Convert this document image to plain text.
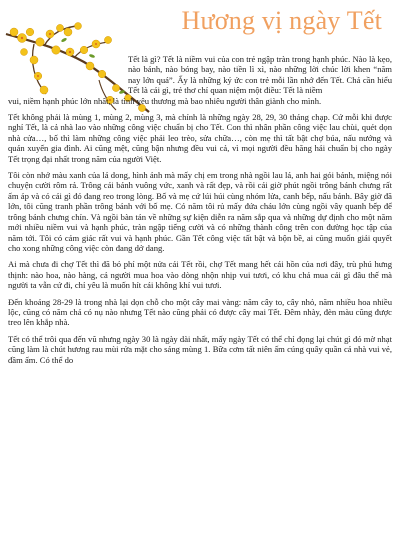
Hương vị ngày Tết

Tết là gì? Tết là niềm vui của con trẻ ngập tràn trong hạnh phúc. Nào là kẹo, nào bánh, nào bóng bay, nào tiền lì xì, nào những lời chúc lời khen “năm nay lớn quá”. Ấy là những ký ức con trẻ mỗi lần nhớ đến Tết. Chả cần hiểu Tết là cái gì, trẻ thơ chỉ quan niệm một điều: Tết là niềm
vui, niềm hạnh phúc lớn nhất, là tình yêu thương mà bao nhiêu người thân giành cho mình.

Tết không phải là mùng 1, mùng 2, mùng 3, mà chính là những ngày 28, 29, 30 tháng chạp. Cứ mỗi khi được nghỉ Tết, là cả nhà lao vào những công việc chuẩn bị cho Tết. Con thì nhân phần công việc lau chùi, quét dọn nhà cửa…, bố thì làm những công việc phải leo trèo, sửa chữa…, còn mẹ thì tất bật chợ búa, nấu nướng và quán xuyến gia đình. Ai cũng mệt, cũng bận nhưng đều vui cả, vì mọi người đều hăng hái chuẩn bị cho ngày Tết trọng đại nhất trong năm của người Việt.

Tôi còn nhớ màu xanh của lá dong, hình ảnh mà mấy chị em trong nhà ngồi lau lá, anh hai gói bánh, miệng nói chuyện cười rôm rả. Trông cái bánh vuông vức, xanh và rất đẹp, và rồi cái giờ phút ngồi trông bánh chưng rất ấm áp và có cái gì đó đang reo trong lòng. Bố và mẹ cứ lúi húi cùng nhóm lửa, canh bếp, nấu bánh. Bây giờ đã lớn, tôi cũng tranh phần trông bánh với bố mẹ. Có năm tôi rủ mấy đứa cháu lớn cùng ngồi vây quanh bếp để trông bánh chưng chín. Và ngồi bàn tán về những sự kiện diễn ra năm sắp qua và những dự định cho một năm mới nhiều niềm vui và hạnh phúc, tràn ngập tiếng cười và có những thành công trên con đường học tập của năm tới. Tôi có cảm giác rất vui và hạnh phúc. Gần Tết công việc tất bật và bộn bề, ai cũng muốn giải quyết cho xong những công việc còn đang dở dang.

Ai mà chưa đi chợ Tết thì đã bỏ phí một nửa cái Tết rồi, chợ Tết mang hết cái hồn của nơi đây, trù phú hưng thịnh: nào hoa, nào hàng, cả người mua hoa vào dòng nhộn nhịp vui tươi, có khu chả mua cái gì đâu thế mà người ta vẫn cứ đi, chỉ yêu là muốn hít cái không khí vui tươi.

Đến khoảng 28-29 là trong nhà lại dọn chỗ cho một cây mai vàng: năm cây to, cây nhỏ, năm nhiều hoa nhiều lộc, cũng có năm chả có nụ nào nhưng Tết nào cũng phải có được cây mai Tết. Đêm nhày, đèn màu cũng được treo lên khắp nhà.

Tết có thể trôi qua đến vũ nhưng ngày 30 là ngày dài nhất, mấy ngày Tết có thể chỉ đọng lại chút gì đó mờ nhạt cũng làm là chút hương rau mùi rửa mặt cho sáng mùng 1. Bữa cơm tất niên ấm cúng quây quần cả nhà vui vẻ, đầm ấm. Có thể do
